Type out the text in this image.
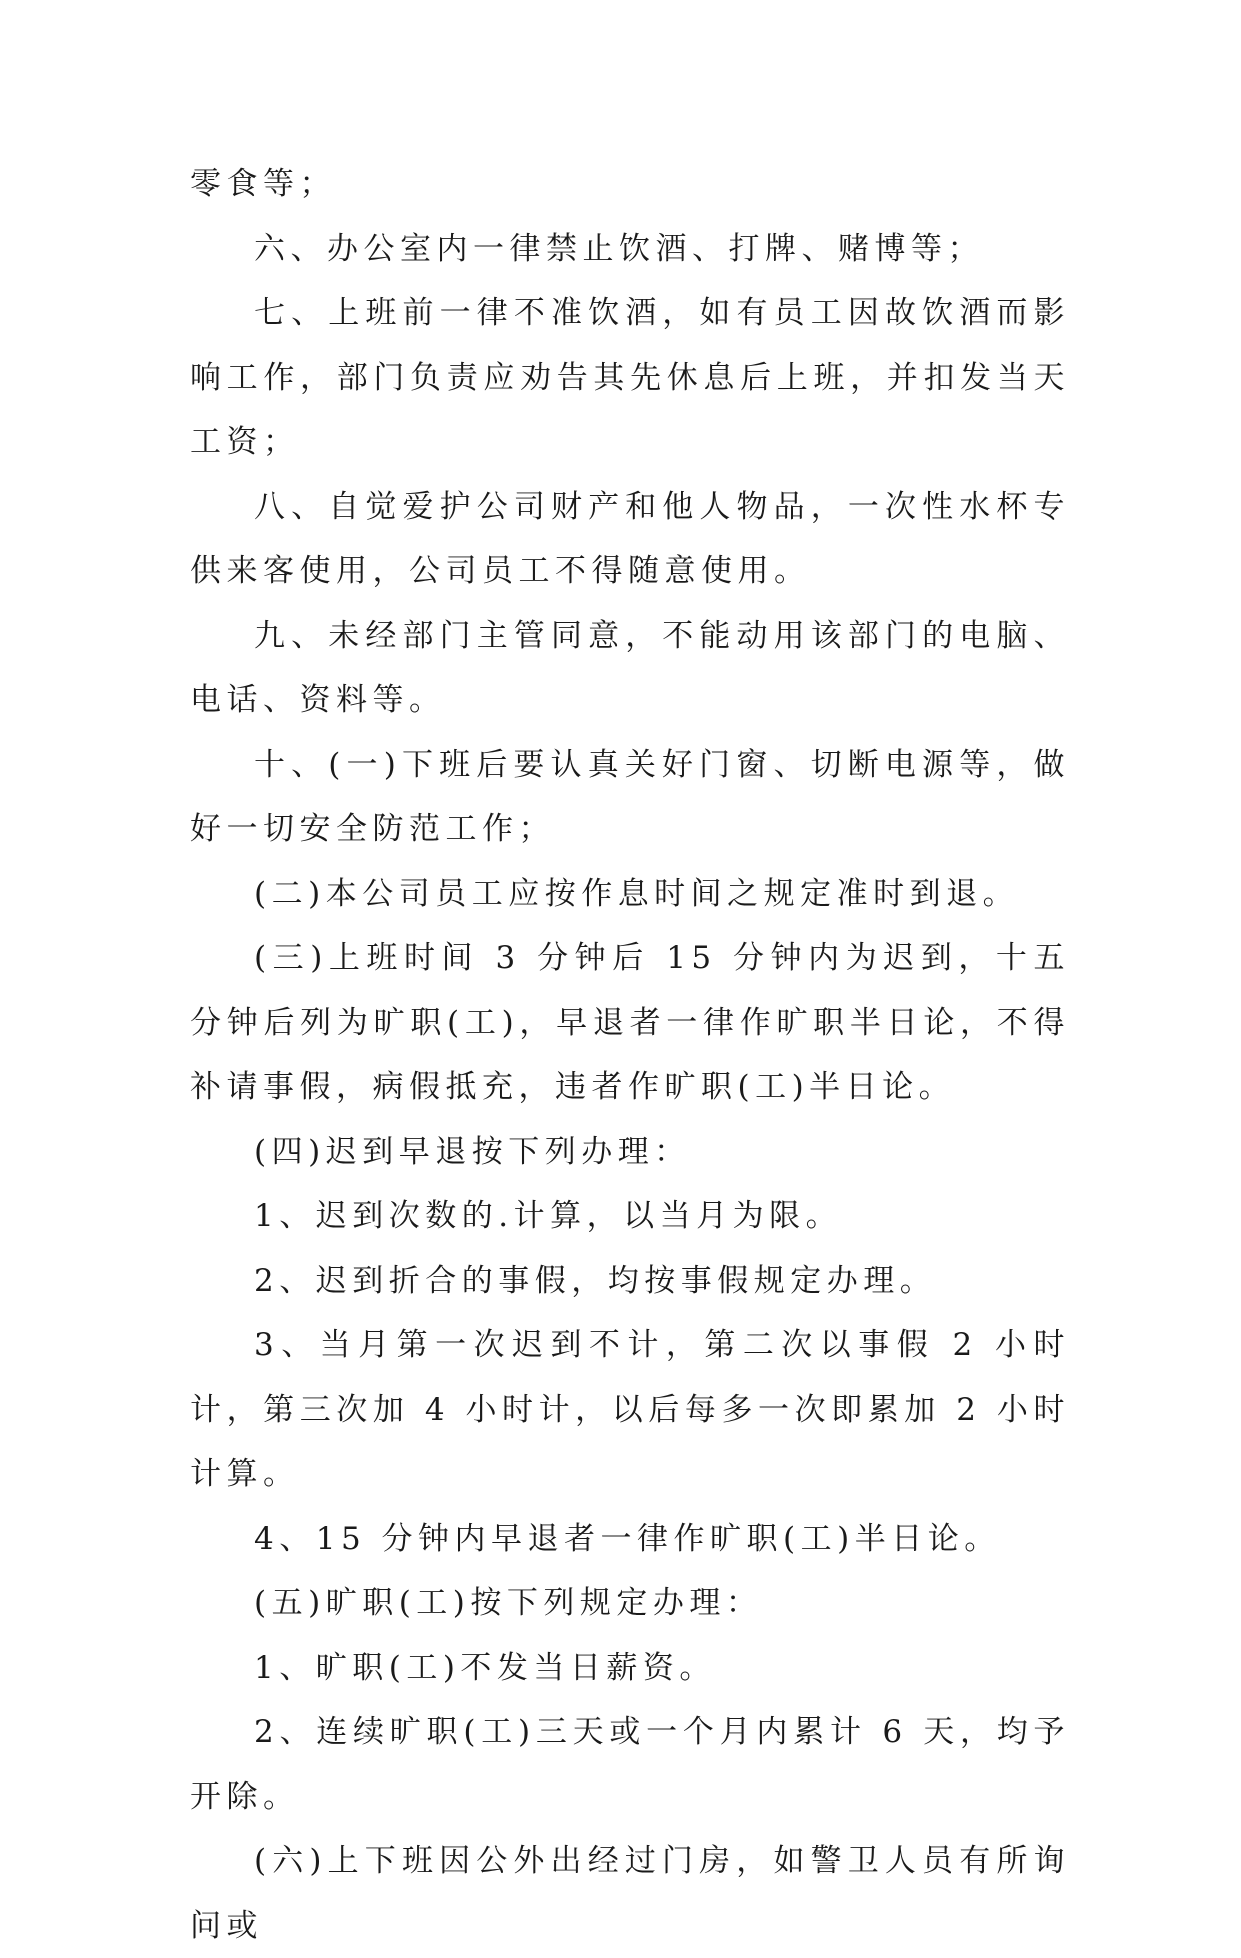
零食等；

六、办公室内一律禁止饮酒、打牌、赌博等；

七、上班前一律不准饮酒，如有员工因故饮酒而影响工作，部门负责应劝告其先休息后上班，并扣发当天工资；

八、自觉爱护公司财产和他人物品，一次性水杯专供来客使用，公司员工不得随意使用。

九、未经部门主管同意，不能动用该部门的电脑、电话、资料等。

十、(一)下班后要认真关好门窗、切断电源等，做好一切安全防范工作；

(二)本公司员工应按作息时间之规定准时到退。

(三)上班时间 3 分钟后 15 分钟内为迟到，十五分钟后列为旷职(工)，早退者一律作旷职半日论，不得补请事假，病假抵充，违者作旷职(工)半日论。

(四)迟到早退按下列办理：

1、迟到次数的.计算，以当月为限。

2、迟到折合的事假，均按事假规定办理。

3、当月第一次迟到不计，第二次以事假 2 小时计，第三次加 4 小时计，以后每多一次即累加 2 小时计算。

4、15 分钟内早退者一律作旷职(工)半日论。

(五)旷职(工)按下列规定办理：

1、旷职(工)不发当日薪资。

2、连续旷职(工)三天或一个月内累计 6 天，均予开除。

(六)上下班因公外出经过门房，如警卫人员有所询问或
